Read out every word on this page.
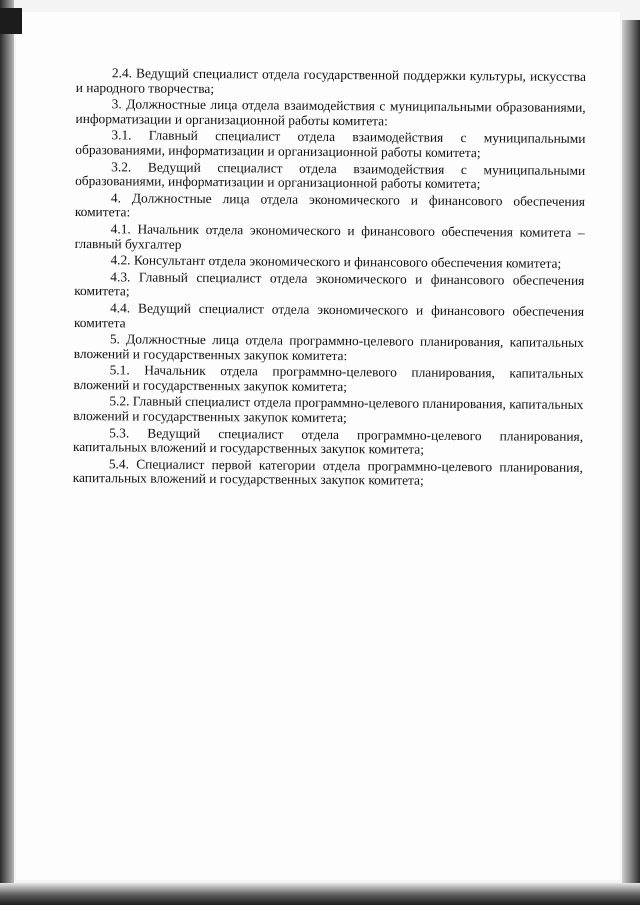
2.4. Ведущий специалист отдела государственной поддержки культуры, искусства и народного творчества;

3. Должностные лица отдела взаимодействия с муниципальными образованиями, информатизации и организационной работы комитета:

3.1. Главный специалист отдела взаимодействия с муниципальными образованиями, информатизации и организационной работы комитета;

3.2. Ведущий специалист отдела взаимодействия с муниципальными образованиями, информатизации и организационной работы комитета;

4. Должностные лица отдела экономического и финансового обеспечения комитета:

4.1. Начальник отдела экономического и финансового обеспечения комитета – главный бухгалтер

4.2. Консультант отдела экономического и финансового обеспечения комитета;

4.3. Главный специалист отдела экономического и финансового обеспечения комитета;

4.4. Ведущий специалист отдела экономического и финансового обеспечения комитета

5. Должностные лица отдела программно-целевого планирования, капитальных вложений и государственных закупок комитета:

5.1. Начальник отдела программно-целевого планирования, капитальных вложений и государственных закупок комитета;

5.2. Главный специалист отдела программно-целевого планирования, капитальных вложений и государственных закупок комитета;

5.3. Ведущий специалист отдела программно-целевого планирования, капитальных вложений и государственных закупок комитета;

5.4. Специалист первой категории отдела программно-целевого планирования, капитальных вложений и государственных закупок комитета;
